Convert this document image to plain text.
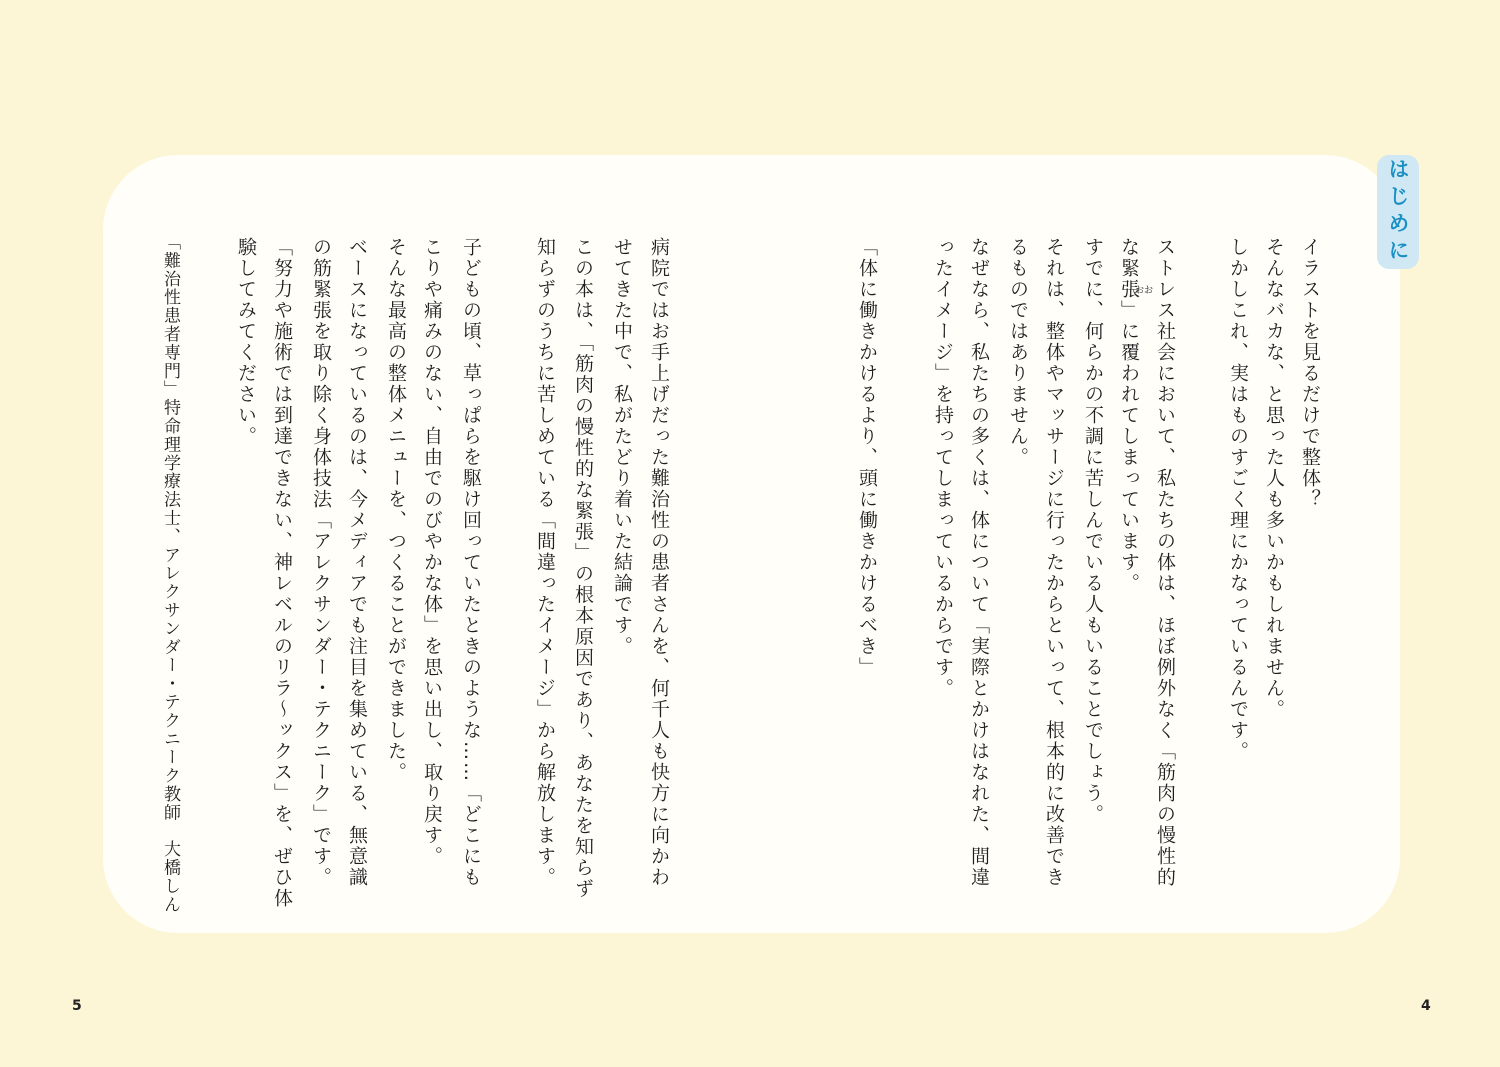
はじめに
イラストを見るだけで整体？
そんなバカな、と思った人も多いかもしれません。
しかしこれ、実はものすごく理にかなっているんです。
ストレス社会において、私たちの体は、ほぼ例外なく「筋肉の慢性的
な緊張」に覆われてしまっています。
おお
すでに、何らかの不調に苦しんでいる人もいることでしょう。
それは、整体やマッサージに行ったからといって、根本的に改善でき
るものではありません。
なぜなら、私たちの多くは、体について「実際とかけはなれた、間違
ったイメージ」を持ってしまっているからです。
「体に働きかけるより、頭に働きかけるべき」
病院ではお手上げだった難治性の患者さんを、何千人も快方に向かわ
せてきた中で、私がたどり着いた結論です。
この本は、「筋肉の慢性的な緊張」の根本原因であり、あなたを知らず
知らずのうちに苦しめている「間違ったイメージ」から解放します。
子どもの頃、草っぱらを駆け回っていたときのような……「どこにも
こりや痛みのない、自由でのびやかな体」を思い出し、取り戻す。
そんな最高の整体メニューを、つくることができました。
ベースになっているのは、今メディアでも注目を集めている、無意識
の筋緊張を取り除く身体技法「アレクサンダー・テクニーク」です。
「努力や施術では到達できない、神レベルのリラ〜ックス」を、ぜひ体
験してみてください。
「難治性患者専門」特命理学療法士、アレクサンダー・テクニーク教師　大橋しん
5	4
